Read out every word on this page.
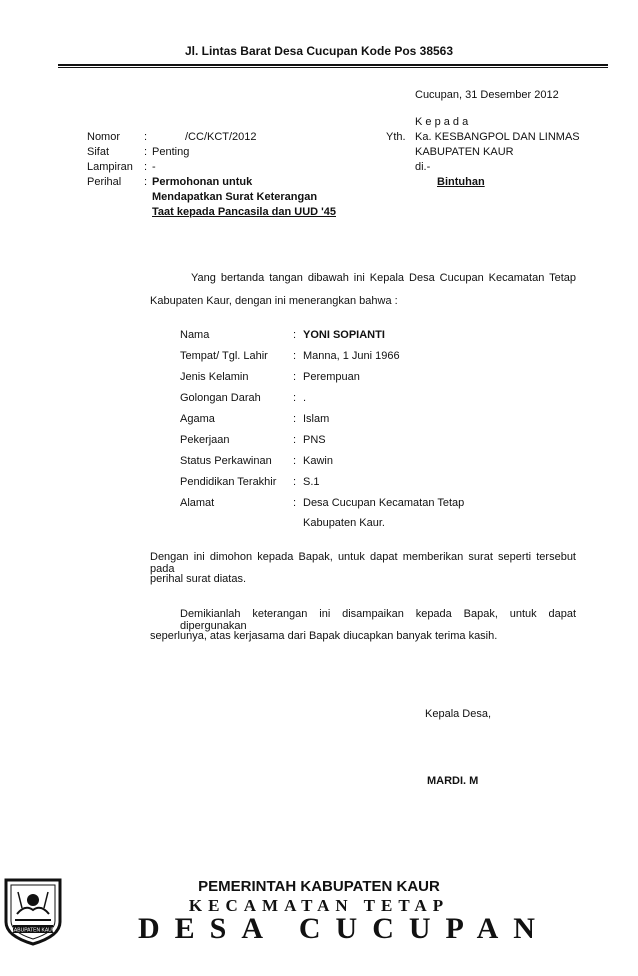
Jl. Lintas Barat Desa Cucupan Kode Pos 38563
Cucupan, 31 Desember 2012
K e p a d a
Yth. Ka. KESBANGPOL DAN LINMAS
KABUPATEN KAUR
di.-
Bintuhan
Nomor :	/CC/KCT/2012
Sifat	: Penting
Lampiran : -
Perihal : Permohonan untuk
Mendapatkan Surat Keterangan
Taat kepada Pancasila dan UUD '45
Yang bertanda tangan dibawah ini Kepala Desa Cucupan Kecamatan Tetap
Kabupaten Kaur, dengan ini menerangkan bahwa :
Nama	: YONI SOPIANTI
Tempat/ Tgl. Lahir : Manna, 1 Juni 1966
Jenis Kelamin	: Perempuan
Golongan Darah	: .
Agama	: Islam
Pekerjaan	: PNS
Status Perkawinan : Kawin
Pendidikan Terakhir : S.1
Alamat	: Desa Cucupan Kecamatan Tetap
Kabupaten Kaur.
Dengan ini dimohon kepada Bapak, untuk dapat memberikan surat seperti tersebut pada
perihal surat diatas.
Demikianlah keterangan ini disampaikan kepada Bapak, untuk dapat dipergunakan
seperlunya, atas kerjasama dari Bapak diucapkan banyak terima kasih.
Kepala Desa,
MARDI. M
KABUPATEN KAUR
PEMERINTAH KABUPATEN KAUR
KECAMATAN TETAP
DESA CUCUPAN
